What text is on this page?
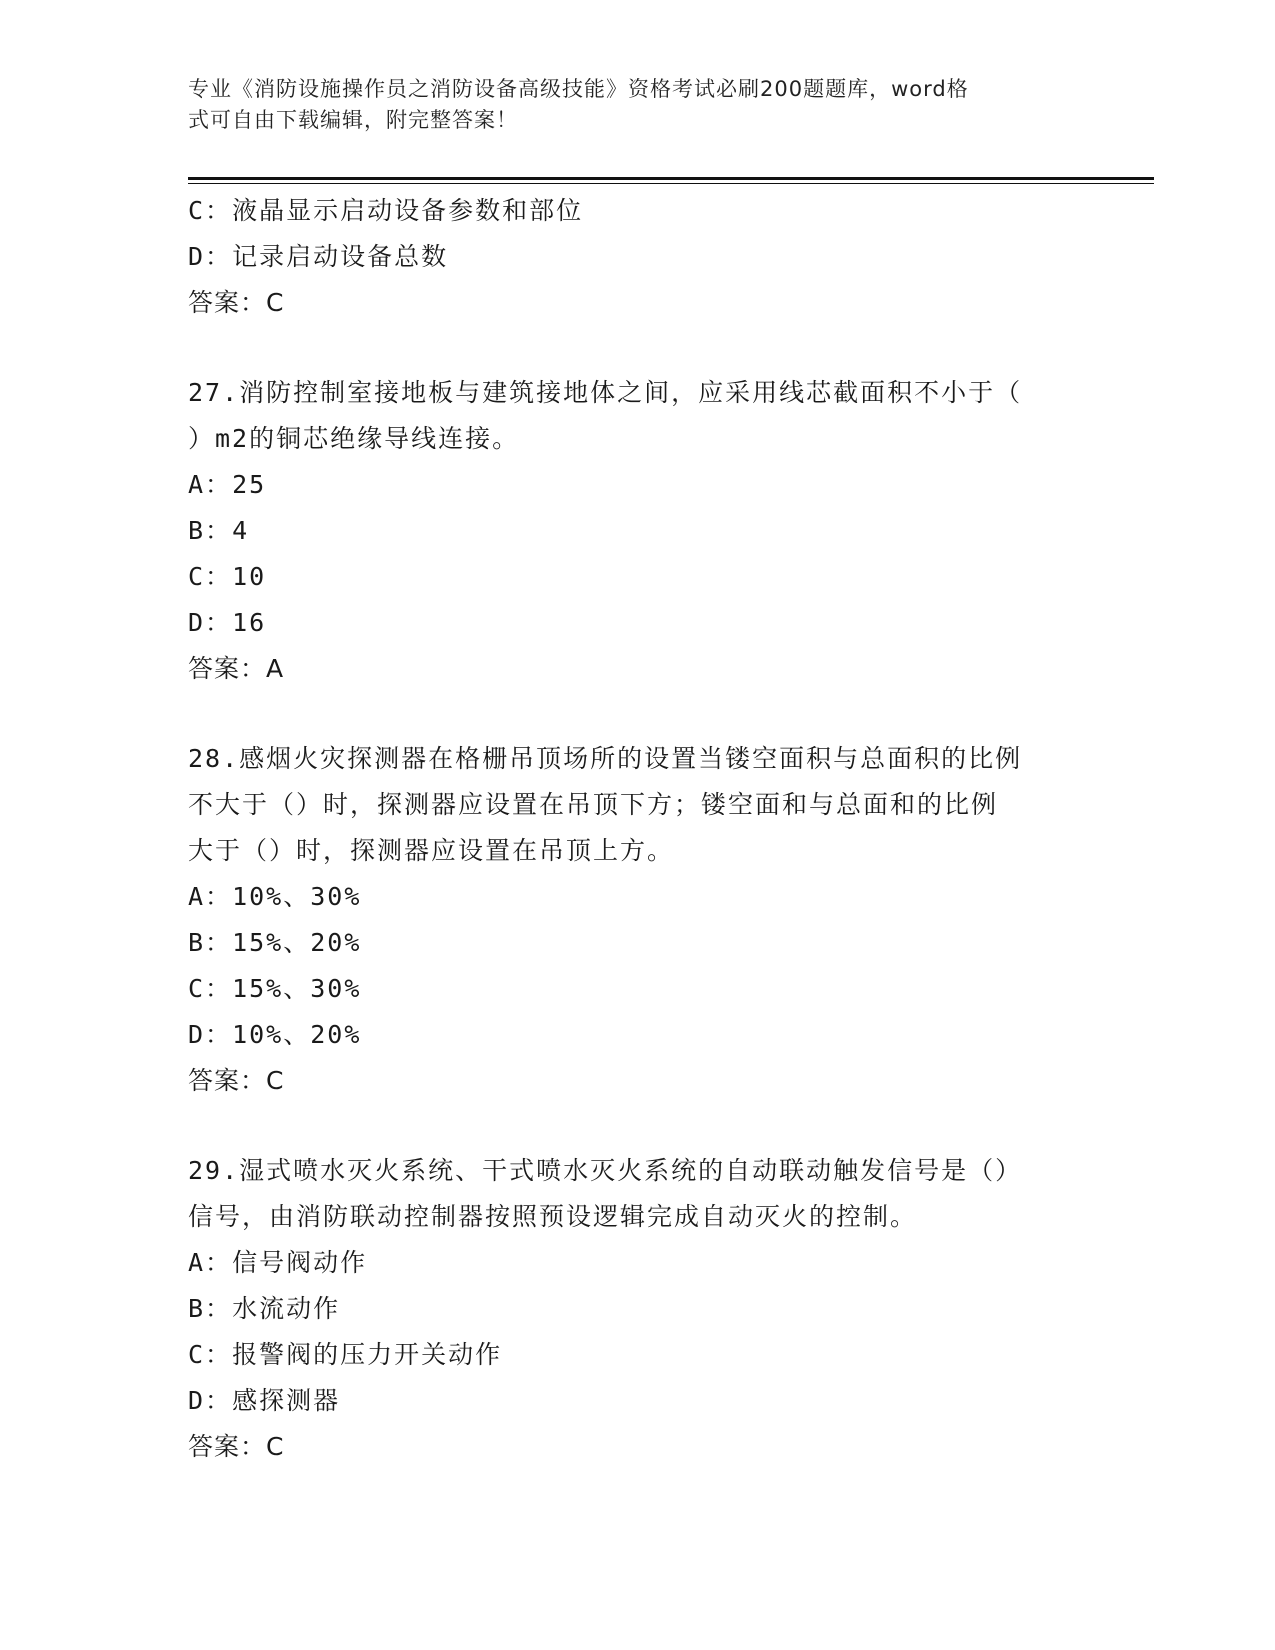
专业《消防设施操作员之消防设备高级技能》资格考试必刷200题题库，word格
式可自由下载编辑，附完整答案！
C：液晶显示启动设备参数和部位
D：记录启动设备总数
答案：C
27.消防控制室接地板与建筑接地体之间，应采用线芯截面积不小于（
）m2的铜芯绝缘导线连接。
A：25
B：4
C：10
D：16
答案：A
28.感烟火灾探测器在格栅吊顶场所的设置当镂空面积与总面积的比例
不大于（）时，探测器应设置在吊顶下方；镂空面和与总面和的比例
大于（）时，探测器应设置在吊顶上方。
A：10%、30%
B：15%、20%
C：15%、30%
D：10%、20%
答案：C
29.湿式喷水灭火系统、干式喷水灭火系统的自动联动触发信号是（）
信号，由消防联动控制器按照预设逻辑完成自动灭火的控制。
A：信号阀动作
B：水流动作
C：报警阀的压力开关动作
D：感探测器
答案：C
